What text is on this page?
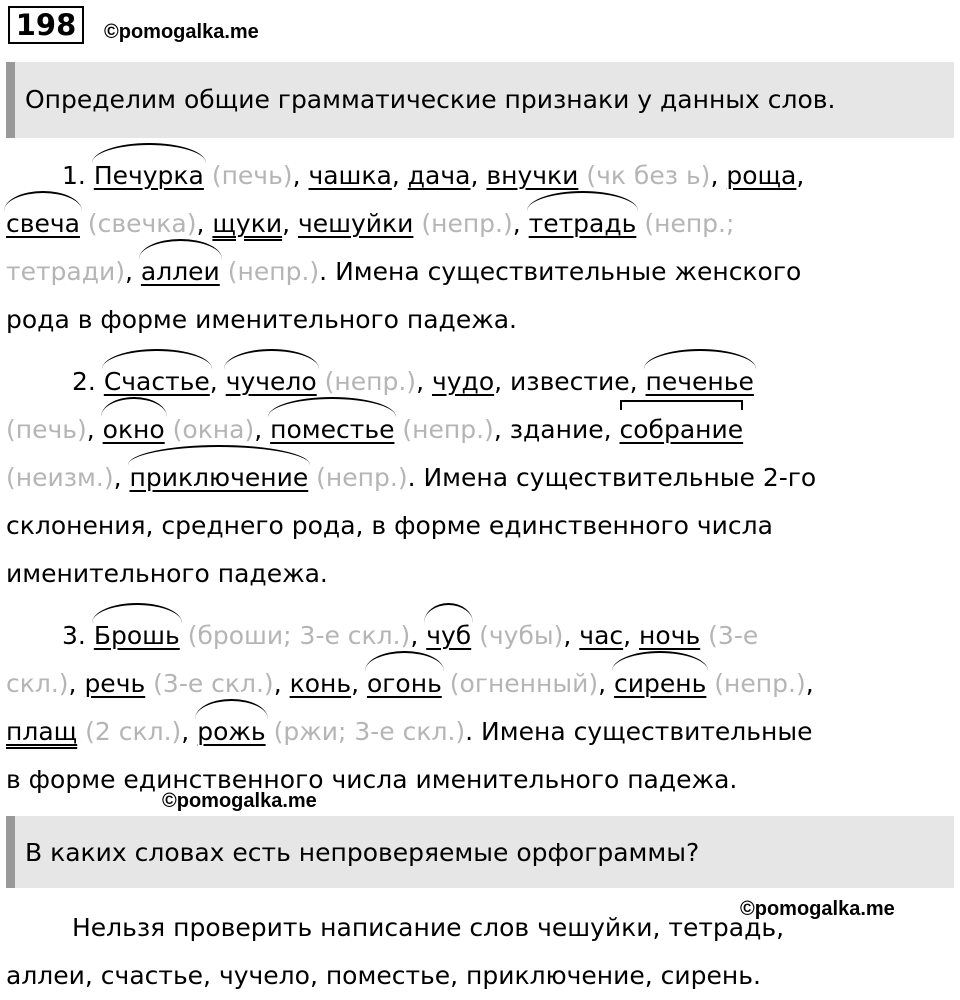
198	©pomogalka.me
Определим общие грамматические признаки у данных слов.
1. Печурка (печь), чашка, дача, внучки (чк без ь), роща,
свеча (свечка), щуки, чешуйки (непр.), тетрадь (непр.;
тетради), аллеи (непр.). Имена существительные женского
рода в форме именительного падежа.
2. Счастье, чучело (непр.), чудо, известие, печенье
(печь), окно (окна), поместье (непр.), здание, собрание
(неизм.), приключение (непр.). Имена существительные 2-го
склонения, среднего рода, в форме единственного числа
именительного падежа.
3. Брошь (броши; 3-е скл.), чуб (чубы), час, ночь (3-е
скл.), речь (3-е скл.), конь, огонь (огненный), сирень (непр.),
плащ (2 скл.), рожь (ржи; 3-е скл.). Имена существительные
в форме единственного числа именительного падежа.
©pomogalka.me
В каких словах есть непроверяемые орфограммы?
©pomogalka.me
Нельзя проверить написание слов чешуйки, тетрадь,
аллеи, счастье, чучело, поместье, приключение, сирень.
